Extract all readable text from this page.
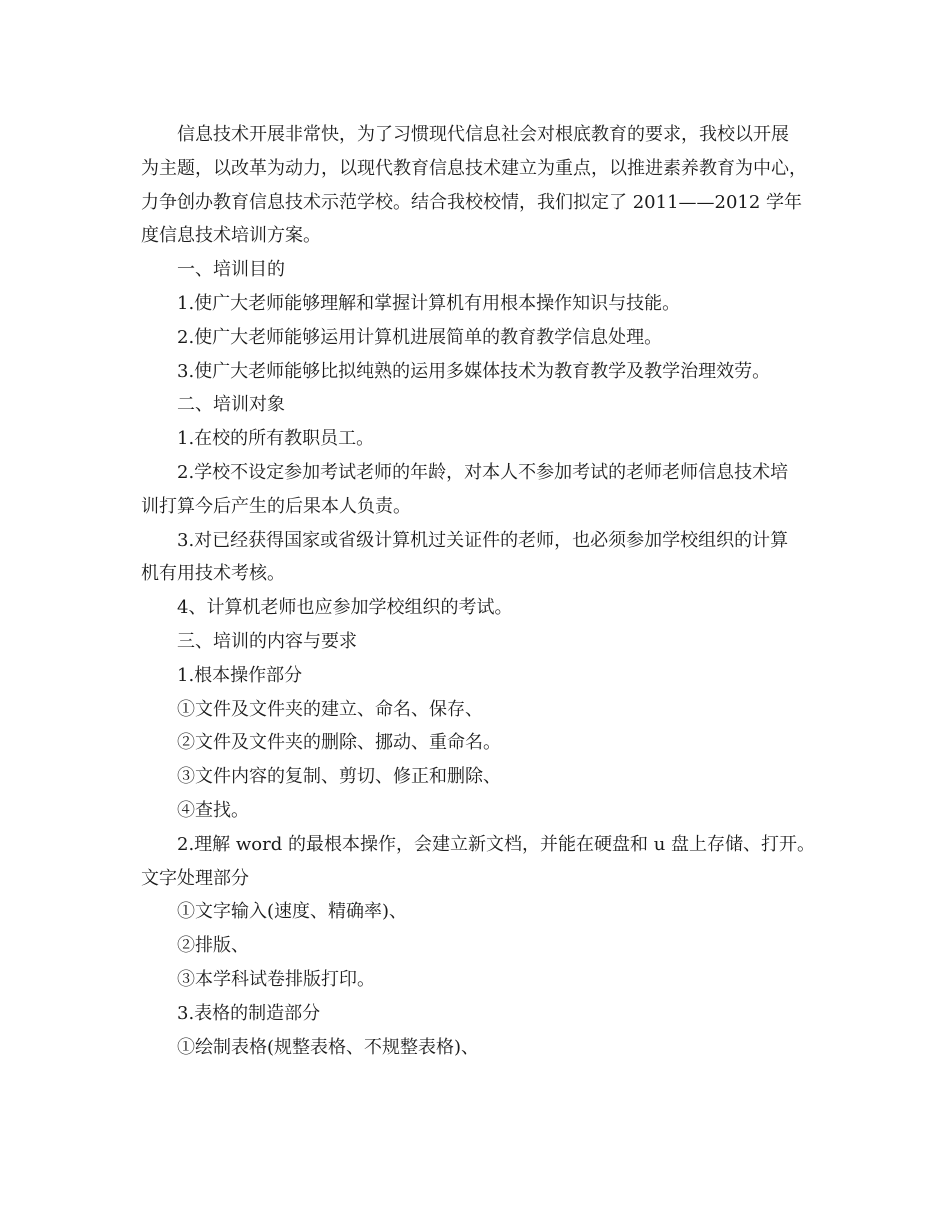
信息技术开展非常快，为了习惯现代信息社会对根底教育的要求，我校以开展

为主题，以改革为动力，以现代教育信息技术建立为重点，以推进素养教育为中心，

力争创办教育信息技术示范学校。结合我校校情，我们拟定了 2011——2012 学年

度信息技术培训方案。

一、培训目的

1.使广大老师能够理解和掌握计算机有用根本操作知识与技能。

2.使广大老师能够运用计算机进展简单的教育教学信息处理。

3.使广大老师能够比拟纯熟的运用多媒体技术为教育教学及教学治理效劳。

二、培训对象

1.在校的所有教职员工。

2.学校不设定参加考试老师的年龄，对本人不参加考试的老师老师信息技术培

训打算今后产生的后果本人负责。

3.对已经获得国家或省级计算机过关证件的老师，也必须参加学校组织的计算

机有用技术考核。

4、计算机老师也应参加学校组织的考试。

三、培训的内容与要求

1.根本操作部分

①文件及文件夹的建立、命名、保存、

②文件及文件夹的删除、挪动、重命名。

③文件内容的复制、剪切、修正和删除、

④查找。

2.理解 word 的最根本操作，会建立新文档，并能在硬盘和 u 盘上存储、打开。

文字处理部分

①文字输入(速度、精确率)、

②排版、

③本学科试卷排版打印。

3.表格的制造部分

①绘制表格(规整表格、不规整表格)、
